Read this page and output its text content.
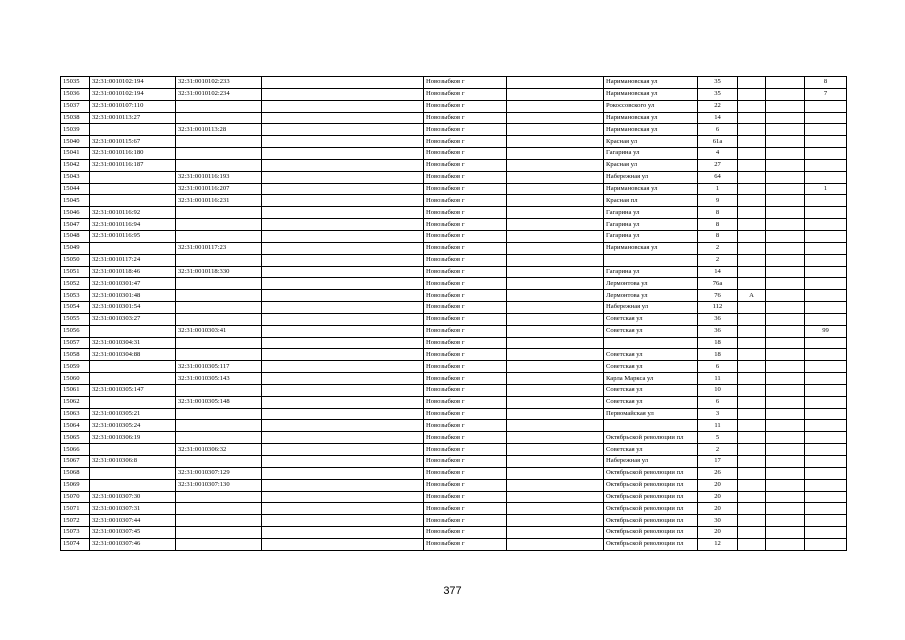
15035	32:31:0010102:194	32:31:0010102:233		Новозыбков г		Наримановская ул	35			8
15036	32:31:0010102:194	32:31:0010102:234		Новозыбков г		Наримановская ул	35			7
15037	32:31:0010107:110			Новозыбков г		Рокоссовского ул	22			
15038	32:31:0010113:27			Новозыбков г		Наримановская ул	14			
15039		32:31:0010113:28		Новозыбков г		Наримановская ул	6			
15040	32:31:0010115:67			Новозыбков г		Красная ул	61а			
15041	32:31:0010116:180			Новозыбков г		Гагарина ул	4			
15042	32:31:0010116:187			Новозыбков г		Красная ул	27			
15043		32:31:0010116:193		Новозыбков г		Набережная ул	64			
15044		32:31:0010116:207		Новозыбков г		Наримановская ул	1			1
15045		32:31:0010116:231		Новозыбков г		Красная пл	9			
15046	32:31:0010116:92			Новозыбков г		Гагарина ул	8			
15047	32:31:0010116:94			Новозыбков г		Гагарина ул	8			
15048	32:31:0010116:95			Новозыбков г		Гагарина ул	8			
15049		32:31:0010117:23		Новозыбков г		Наримановская ул	2			
15050	32:31:0010117:24			Новозыбков г			2			
15051	32:31:0010118:46	32:31:0010118:330		Новозыбков г		Гагарина ул	14			
15052	32:31:0010301:47			Новозыбков г		Лермонтова ул	76а			
15053	32:31:0010301:48			Новозыбков г		Лермонтова ул	76	А		
15054	32:31:0010301:54			Новозыбков г		Набережная ул	112			
15055	32:31:0010303:27			Новозыбков г		Советская ул	36			
15056		32:31:0010303:41		Новозыбков г		Советская ул	36			99
15057	32:31:0010304:31			Новозыбков г			18			
15058	32:31:0010304:88			Новозыбков г		Советская ул	18			
15059		32:31:0010305:117		Новозыбков г		Советская ул	6			
15060		32:31:0010305:143		Новозыбков г		Карла Маркса ул	11			
15061	32:31:0010305:147			Новозыбков г		Советская ул	10			
15062		32:31:0010305:148		Новозыбков г		Советская ул	6			
15063	32:31:0010305:21			Новозыбков г		Первомайская ул	3			
15064	32:31:0010305:24			Новозыбков г			11			
15065	32:31:0010306:19			Новозыбков г		Октябрьской революции пл	5			
15066		32:31:0010306:32		Новозыбков г		Советская ул	2			
15067	32:31:0010306:8			Новозыбков г		Набережная ул	17			
15068		32:31:0010307:129		Новозыбков г		Октябрьской революции пл	26			
15069		32:31:0010307:130		Новозыбков г		Октябрьской революции пл	20			
15070	32:31:0010307:30			Новозыбков г		Октябрьской революции пл	20			
15071	32:31:0010307:31			Новозыбков г		Октябрьской революции пл	20			
15072	32:31:0010307:44			Новозыбков г		Октябрьской революции пл	30			
15073	32:31:0010307:45			Новозыбков г		Октябрьской революции пл	20			
15074	32:31:0010307:46			Новозыбков г		Октябрьской революции пл	12			
377
